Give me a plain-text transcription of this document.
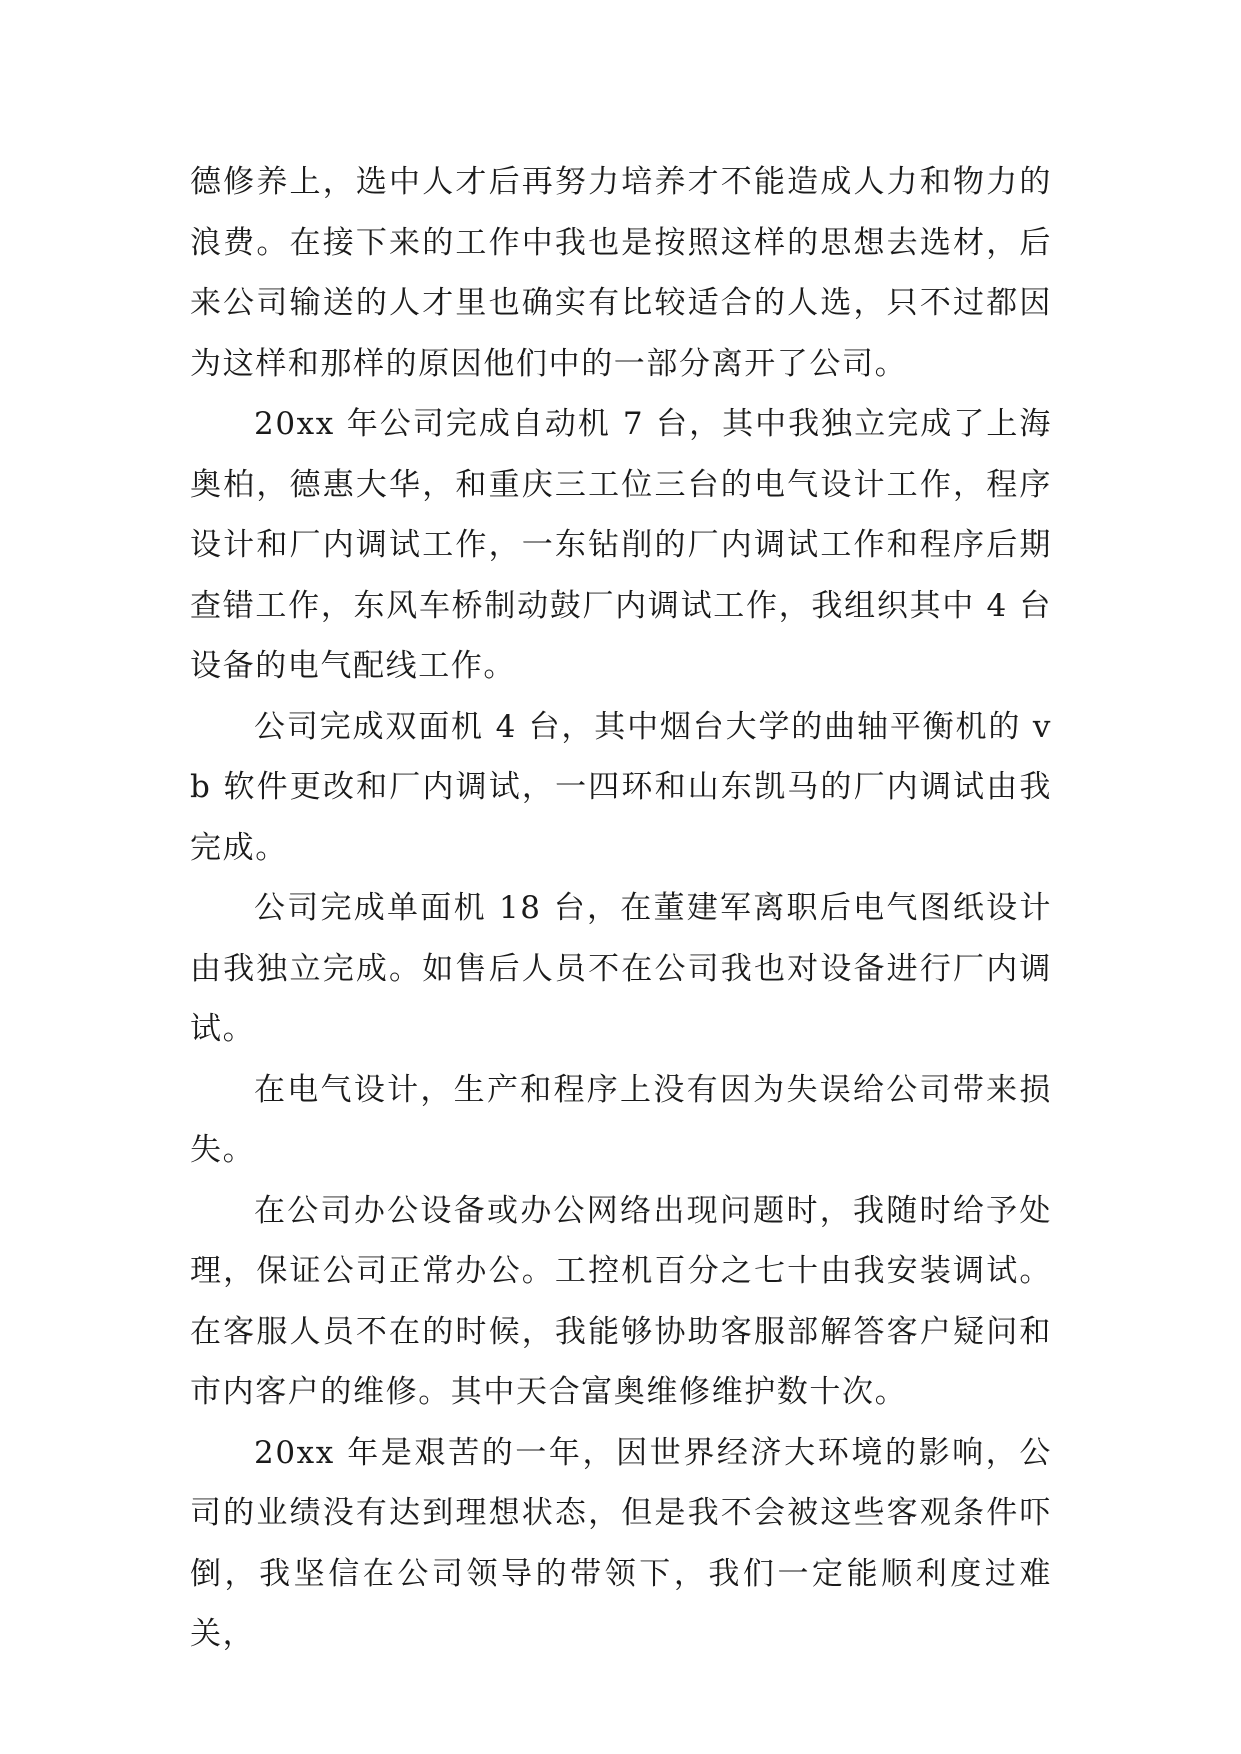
德修养上，选中人才后再努力培养才不能造成人力和物力的浪费。在接下来的工作中我也是按照这样的思想去选材，后来公司输送的人才里也确实有比较适合的人选，只不过都因为这样和那样的原因他们中的一部分离开了公司。

20xx 年公司完成自动机 7 台，其中我独立完成了上海奥柏，德惠大华，和重庆三工位三台的电气设计工作，程序设计和厂内调试工作，一东钻削的厂内调试工作和程序后期查错工作，东风车桥制动鼓厂内调试工作，我组织其中 4 台设备的电气配线工作。

公司完成双面机 4 台，其中烟台大学的曲轴平衡机的 vb 软件更改和厂内调试，一四环和山东凯马的厂内调试由我完成。

公司完成单面机 18 台，在董建军离职后电气图纸设计由我独立完成。如售后人员不在公司我也对设备进行厂内调试。

在电气设计，生产和程序上没有因为失误给公司带来损失。

在公司办公设备或办公网络出现问题时，我随时给予处理，保证公司正常办公。工控机百分之七十由我安装调试。在客服人员不在的时候，我能够协助客服部解答客户疑问和市内客户的维修。其中天合富奥维修维护数十次。

20xx 年是艰苦的一年，因世界经济大环境的影响，公司的业绩没有达到理想状态，但是我不会被这些客观条件吓倒，我坚信在公司领导的带领下，我们一定能顺利度过难关，
